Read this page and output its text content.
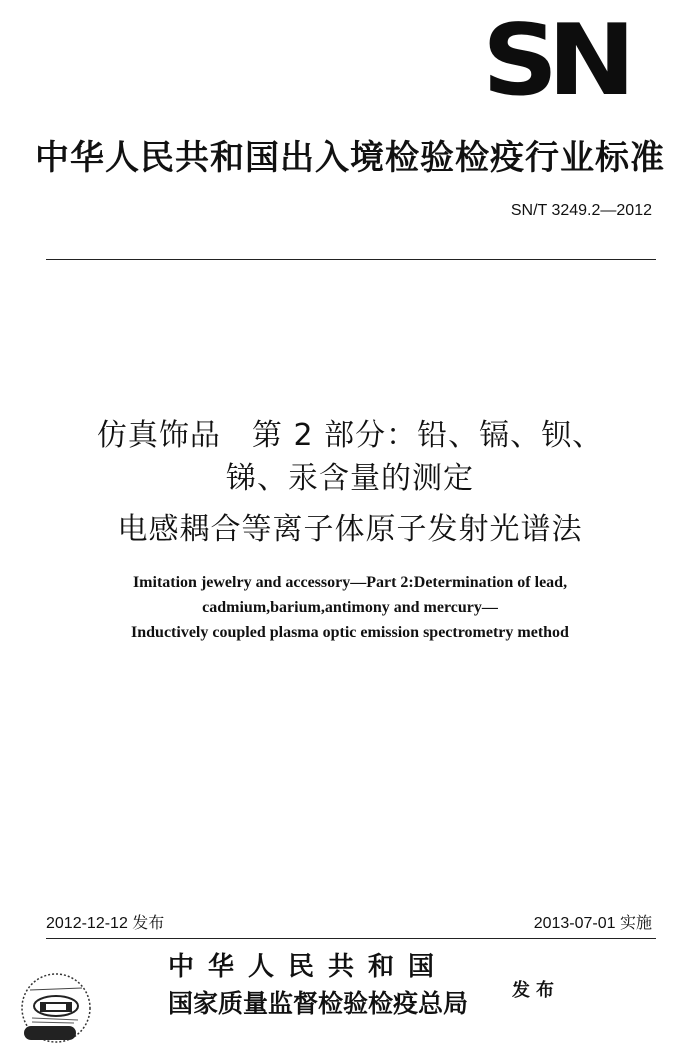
SN
中华人民共和国出入境检验检疫行业标准
SN/T 3249.2—2012
仿真饰品　第 2 部分：铅、镉、钡、
锑、汞含量的测定
电感耦合等离子体原子发射光谱法
Imitation jewelry and accessory—Part 2:Determination of lead,
cadmium,barium,antimony and mercury—
Inductively coupled plasma optic emission spectrometry method
2012-12-12 发布	2013-07-01 实施
中华人民共和国
国家质量监督检验检疫总局	发布
